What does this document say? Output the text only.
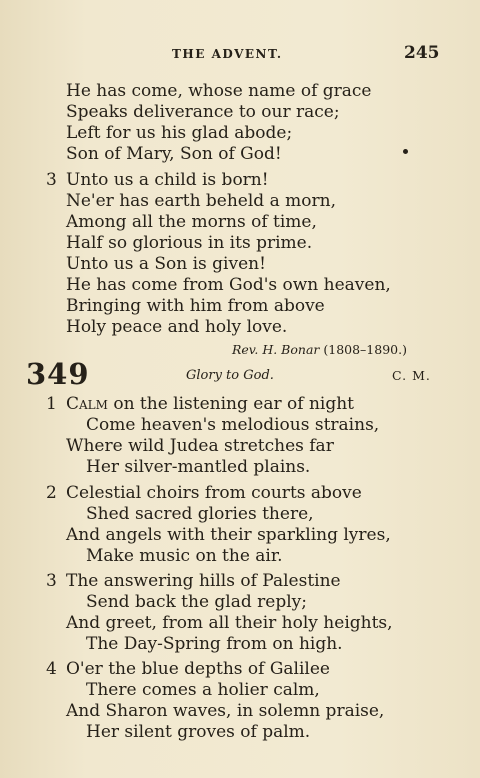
THE ADVENT.	245
He has come, whose name of grace
Speaks deliverance to our race;
Left for us his glad abode;
Son of Mary, Son of God!
3 Unto us a child is born!
Ne'er has earth beheld a morn,
Among all the morns of time,
Half so glorious in its prime.
Unto us a Son is given!
He has come from God's own heaven,
Bringing with him from above
Holy peace and holy love.
Rev. H. Bonar (1808–1890.)
349	Glory to God.	C. M.
1 Calm on the listening ear of night
Come heaven's melodious strains,
Where wild Judea stretches far
Her silver-mantled plains.
2 Celestial choirs from courts above
Shed sacred glories there,
And angels with their sparkling lyres,
Make music on the air.
3 The answering hills of Palestine
Send back the glad reply;
And greet, from all their holy heights,
The Day-Spring from on high.
4 O'er the blue depths of Galilee
There comes a holier calm,
And Sharon waves, in solemn praise,
Her silent groves of palm.
